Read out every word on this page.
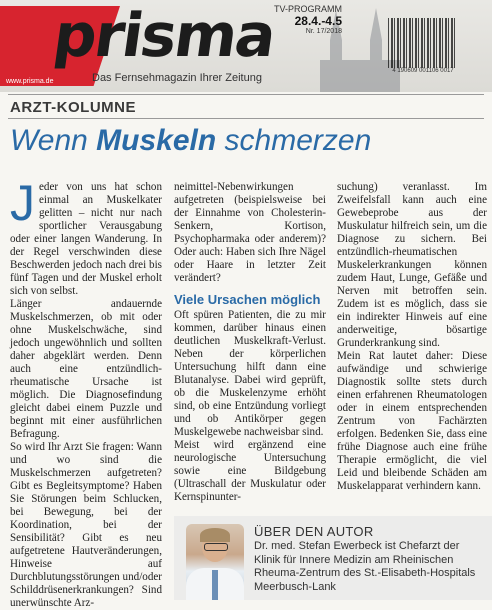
www.prisma.de
prisma
Das Fernsehmagazin Ihrer Zeitung
TV-PROGRAMM
28.4.-4.5
Nr. 17/2018
4 190609 001106 0017
ARZT-KOLUMNE
Wenn Muskeln schmerzen

Jeder von uns hat schon einmal an Muskelkater gelitten – nicht nur nach sportlicher Verausgabung oder einer langen Wanderung. In der Regel verschwinden diese Beschwerden jedoch nach drei bis fünf Tagen und der Muskel erholt sich von selbst.

Länger andauernde Muskelschmerzen, ob mit oder ohne Muskelschwäche, sind jedoch ungewöhnlich und sollten daher abgeklärt werden. Denn auch eine entzündlich-rheumatische Ursache ist möglich. Die Diagnosefindung gleicht dabei einem Puzzle und beginnt mit einer ausführlichen Befragung.

So wird Ihr Arzt Sie fragen: Wann und wo sind die Muskelschmerzen aufgetreten? Gibt es Begleitsymptome? Haben Sie Störungen beim Schlucken, bei Bewegung, bei der Koordination, bei der Sensibilität? Gibt es neu aufgetretene Hautveränderungen, Hinweise auf Durchblutungsstörungen und/oder Schilddrüsenerkrankungen? Sind unerwünschte Arz-

neimittel-Nebenwirkungen aufgetreten (beispielsweise bei der Einnahme von Cholesterin-Senkern, Kortison, Psychopharmaka oder anderem)? Oder auch: Haben sich Ihre Nägel oder Haare in letzter Zeit verändert?

Viele Ursachen möglich

Oft spüren Patienten, die zu mir kommen, darüber hinaus einen deutlichen Muskelkraft-Verlust. Neben der körperlichen Untersuchung hilft dann eine Blutanalyse. Dabei wird geprüft, ob die Muskelenzyme erhöht sind, ob eine Entzündung vorliegt und ob Antikörper gegen Muskelgewebe nachweisbar sind.

Meist wird ergänzend eine neurologische Untersuchung sowie eine Bildgebung (Ultraschall der Muskulatur oder Kernspinunter-

suchung) veranlasst. Im Zweifelsfall kann auch eine Gewebeprobe aus der Muskulatur hilfreich sein, um die Diagnose zu sichern. Bei entzündlich-rheumatischen Muskelerkrankungen können zudem Haut, Lunge, Gefäße und Nerven mit betroffen sein. Zudem ist es möglich, dass sie ein indirekter Hinweis auf eine anderweitige, bösartige Grunderkrankung sind.

Mein Rat lautet daher: Diese aufwändige und schwierige Diagnostik sollte stets durch einen erfahrenen Rheumatologen oder in einem entsprechenden Zentrum von Fachärzten erfolgen. Bedenken Sie, dass eine frühe Diagnose auch eine frühe Therapie ermöglicht, die viel Leid und bleibende Schäden am Muskelapparat verhindern kann.

ÜBER DEN AUTOR
Dr. med. Stefan Ewerbeck ist Chefarzt der Klinik für Innere Medizin am Rheinischen Rheuma-Zentrum des St.-Elisabeth-Hospitals Meerbusch-Lank
